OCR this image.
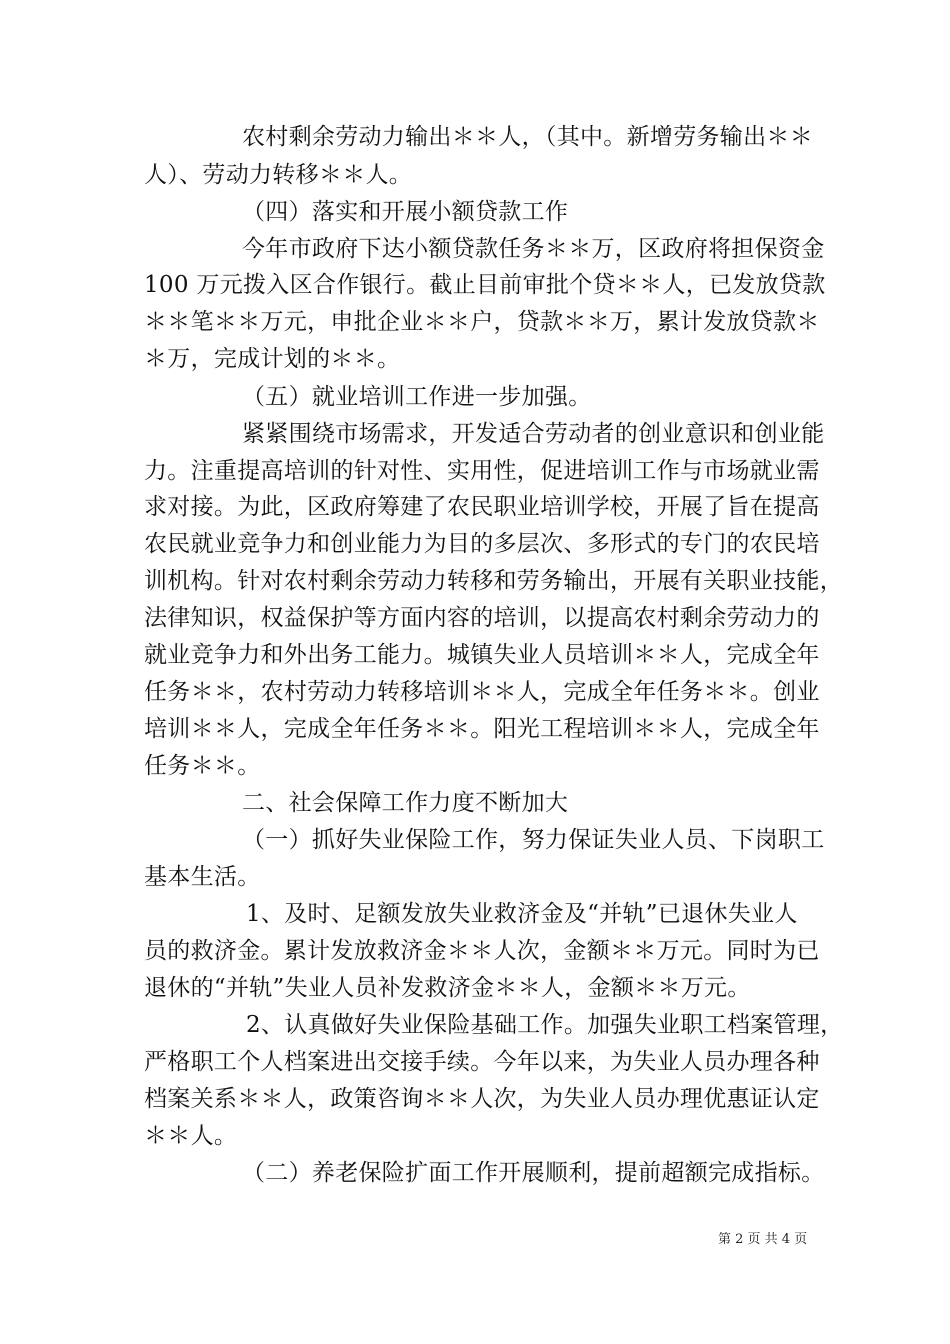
农村剩余劳动力输出＊＊人，（其中。新增劳务输出＊＊
人）、劳动力转移＊＊人。
（四）落实和开展小额贷款工作
今年市政府下达小额贷款任务＊＊万，区政府将担保资金
100 万元拨入区合作银行。截止目前审批个贷＊＊人，已发放贷款
＊＊笔＊＊万元，申批企业＊＊户，贷款＊＊万，累计发放贷款＊
＊万，完成计划的＊＊。
（五）就业培训工作进一步加强。
紧紧围绕市场需求，开发适合劳动者的创业意识和创业能
力。注重提高培训的针对性、实用性，促进培训工作与市场就业需
求对接。为此，区政府筹建了农民职业培训学校，开展了旨在提高
农民就业竞争力和创业能力为目的多层次、多形式的专门的农民培
训机构。针对农村剩余劳动力转移和劳务输出，开展有关职业技能，
法律知识，权益保护等方面内容的培训，以提高农村剩余劳动力的
就业竞争力和外出务工能力。城镇失业人员培训＊＊人，完成全年
任务＊＊，农村劳动力转移培训＊＊人，完成全年任务＊＊。创业
培训＊＊人，完成全年任务＊＊。阳光工程培训＊＊人，完成全年
任务＊＊。
二、社会保障工作力度不断加大
（一）抓好失业保险工作，努力保证失业人员、下岗职工
基本生活。
1、及时、足额发放失业救济金及“并轨”已退休失业人
员的救济金。累计发放救济金＊＊人次，金额＊＊万元。同时为已
退休的“并轨”失业人员补发救济金＊＊人，金额＊＊万元。
2、认真做好失业保险基础工作。加强失业职工档案管理，
严格职工个人档案进出交接手续。今年以来，为失业人员办理各种
档案关系＊＊人，政策咨询＊＊人次，为失业人员办理优惠证认定
＊＊人。
（二）养老保险扩面工作开展顺利，提前超额完成指标。
第 2 页 共 4 页
